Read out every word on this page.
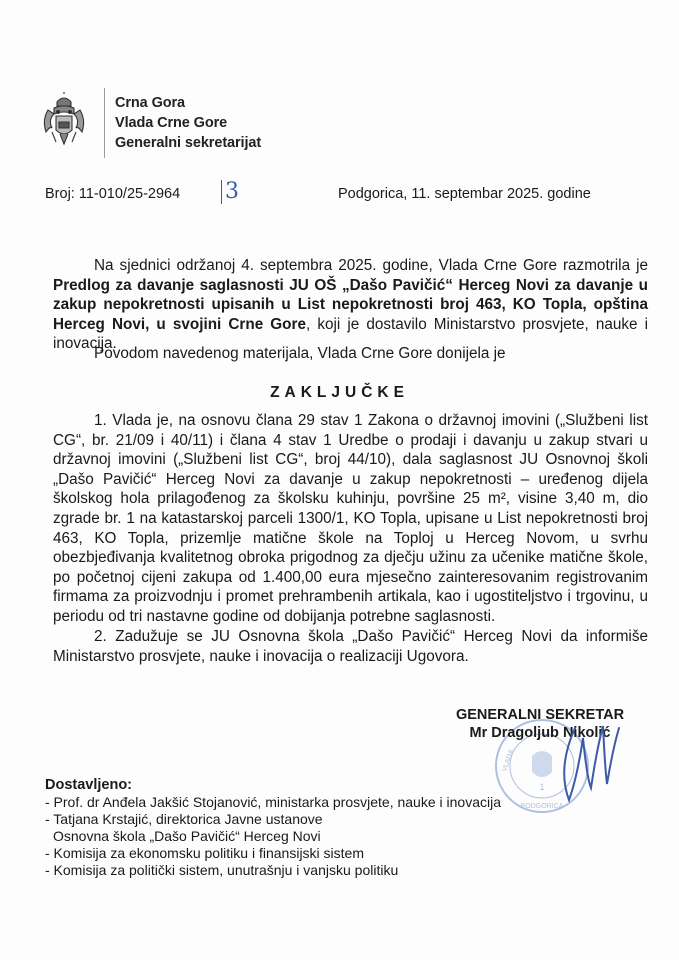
Crna Gora
Vlada Crne Gore
Generalni sekretarijat
Broj: 11-010/25-2964 3	Podgorica, 11. septembar 2025. godine
Na sjednici održanoj 4. septembra 2025. godine, Vlada Crne Gore razmotrila je Predlog za davanje saglasnosti JU OŠ „Dašo Pavičić“ Herceg Novi za davanje u zakup nepokretnosti upisanih u List nepokretnosti broj 463, KO Topla, opština Herceg Novi, u svojini Crne Gore, koji je dostavilo Ministarstvo prosvjete, nauke i inovacija.
Povodom navedenog materijala, Vlada Crne Gore donijela je
ZAKLJUČKE
1. Vlada je, na osnovu člana 29 stav 1 Zakona o državnoj imovini („Službeni list CG“, br. 21/09 i 40/11) i člana 4 stav 1 Uredbe o prodaji i davanju u zakup stvari u državnoj imovini („Službeni list CG“, broj 44/10), dala saglasnost JU Osnovnoj školi „Dašo Pavičić“ Herceg Novi za davanje u zakup nepokretnosti – uređenog dijela školskog hola prilagođenog za školsku kuhinju, površine 25 m², visine 3,40 m, dio zgrade br. 1 na katastarskoj parceli 1300/1, KO Topla, upisane u List nepokretnosti broj 463, KO Topla, prizemlje matične škole na Toploj u Herceg Novom, u svrhu obezbjeđivanja kvalitetnog obroka prigodnog za dječju užinu za učenike matične škole, po početnoj cijeni zakupa od 1.400,00 eura mjesečno zainteresovanim registrovanim firmama za proizvodnju i promet prehrambenih artikala, kao i ugostiteljstvo i trgovinu, u periodu od tri nastavne godine od dobijanja potrebne saglasnosti.
2. Zadužuje se JU Osnovna škola „Dašo Pavičić“ Herceg Novi da informiše Ministarstvo prosvjete, nauke i inovacija o realizaciji Ugovora.
1
PODGORICA
VLADA
GENERALNI SEKRETAR
Mr Dragoljub Nikolić
Dostavljeno:
- Prof. dr Anđela Jakšić Stojanović, ministarka prosvjete, nauke i inovacija
- Tatjana Krstajić, direktorica Javne ustanove
Osnovna škola „Dašo Pavičić“ Herceg Novi
- Komisija za ekonomsku politiku i finansijski sistem
- Komisija za politički sistem, unutrašnju i vanjsku politiku
